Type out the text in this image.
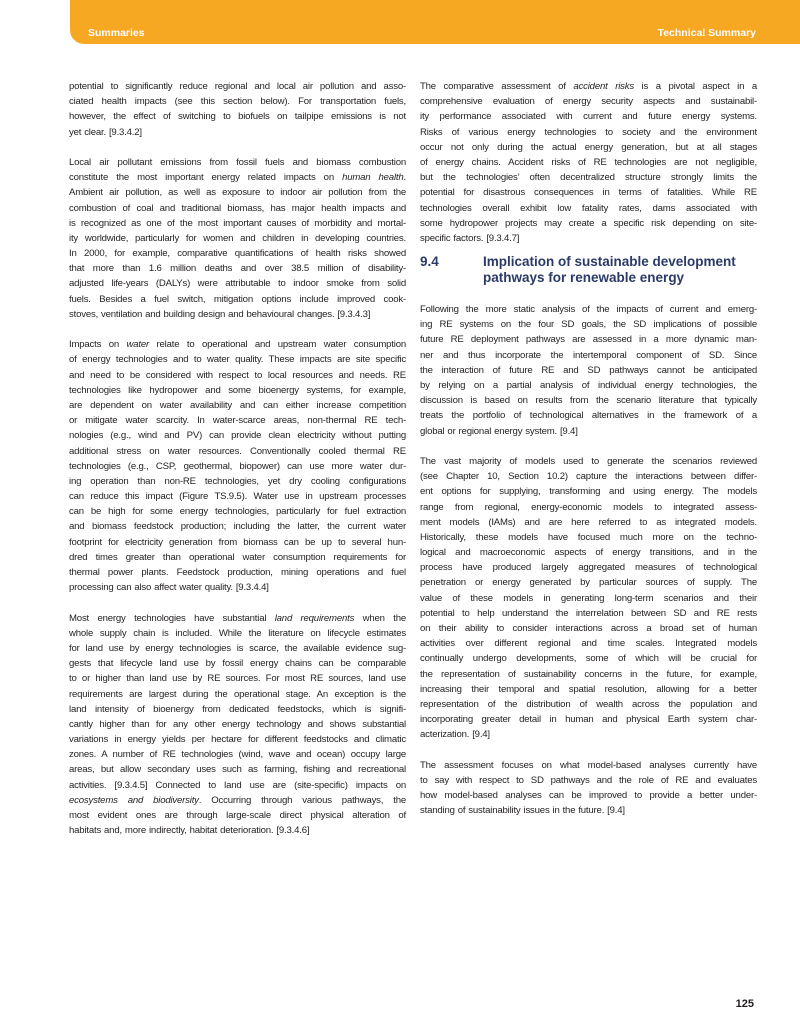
Summaries	Technical Summary
potential to significantly reduce regional and local air pollution and asso-
ciated health impacts (see this section below). For transportation fuels,
however, the effect of switching to biofuels on tailpipe emissions is not
yet clear. [9.3.4.2]
Local air pollutant emissions from fossil fuels and biomass combustion
constitute the most important energy related impacts on human health.
Ambient air pollution, as well as exposure to indoor air pollution from the
combustion of coal and traditional biomass, has major health impacts and
is recognized as one of the most important causes of morbidity and mortal-
ity worldwide, particularly for women and children in developing countries.
In 2000, for example, comparative quantifications of health risks showed
that more than 1.6 million deaths and over 38.5 million of disability-
adjusted life-years (DALYs) were attributable to indoor smoke from solid
fuels. Besides a fuel switch, mitigation options include improved cook-
stoves, ventilation and building design and behavioural changes. [9.3.4.3]
Impacts on water relate to operational and upstream water consumption
of energy technologies and to water quality. These impacts are site specific
and need to be considered with respect to local resources and needs. RE
technologies like hydropower and some bioenergy systems, for example,
are dependent on water availability and can either increase competition
or mitigate water scarcity. In water-scarce areas, non-thermal RE tech-
nologies (e.g., wind and PV) can provide clean electricity without putting
additional stress on water resources. Conventionally cooled thermal RE
technologies (e.g., CSP, geothermal, biopower) can use more water dur-
ing operation than non-RE technologies, yet dry cooling configurations
can reduce this impact (Figure TS.9.5). Water use in upstream processes
can be high for some energy technologies, particularly for fuel extraction
and biomass feedstock production; including the latter, the current water
footprint for electricity generation from biomass can be up to several hun-
dred times greater than operational water consumption requirements for
thermal power plants. Feedstock production, mining operations and fuel
processing can also affect water quality. [9.3.4.4]
Most energy technologies have substantial land requirements when the
whole supply chain is included. While the literature on lifecycle estimates
for land use by energy technologies is scarce, the available evidence sug-
gests that lifecycle land use by fossil energy chains can be comparable
to or higher than land use by RE sources. For most RE sources, land use
requirements are largest during the operational stage. An exception is the
land intensity of bioenergy from dedicated feedstocks, which is signifi-
cantly higher than for any other energy technology and shows substantial
variations in energy yields per hectare for different feedstocks and climatic
zones. A number of RE technologies (wind, wave and ocean) occupy large
areas, but allow secondary uses such as farming, fishing and recreational
activities. [9.3.4.5] Connected to land use are (site-specific) impacts on
ecosystems and biodiversity. Occurring through various pathways, the
most evident ones are through large-scale direct physical alteration of
habitats and, more indirectly, habitat deterioration. [9.3.4.6]
The comparative assessment of accident risks is a pivotal aspect in a
comprehensive evaluation of energy security aspects and sustainabil-
ity performance associated with current and future energy systems.
Risks of various energy technologies to society and the environment
occur not only during the actual energy generation, but at all stages
of energy chains. Accident risks of RE technologies are not negligible,
but the technologies’ often decentralized structure strongly limits the
potential for disastrous consequences in terms of fatalities. While RE
technologies overall exhibit low fatality rates, dams associated with
some hydropower projects may create a specific risk depending on site-
specific factors. [9.3.4.7]
9.4	Implication of sustainable development
pathways for renewable energy
Following the more static analysis of the impacts of current and emerg-
ing RE systems on the four SD goals, the SD implications of possible
future RE deployment pathways are assessed in a more dynamic man-
ner and thus incorporate the intertemporal component of SD. Since
the interaction of future RE and SD pathways cannot be anticipated
by relying on a partial analysis of individual energy technologies, the
discussion is based on results from the scenario literature that typically
treats the portfolio of technological alternatives in the framework of a
global or regional energy system. [9.4]
The vast majority of models used to generate the scenarios reviewed
(see Chapter 10, Section 10.2) capture the interactions between differ-
ent options for supplying, transforming and using energy. The models
range from regional, energy-economic models to integrated assess-
ment models (IAMs) and are here referred to as integrated models.
Historically, these models have focused much more on the techno-
logical and macroeconomic aspects of energy transitions, and in the
process have produced largely aggregated measures of technological
penetration or energy generated by particular sources of supply. The
value of these models in generating long-term scenarios and their
potential to help understand the interrelation between SD and RE rests
on their ability to consider interactions across a broad set of human
activities over different regional and time scales. Integrated models
continually undergo developments, some of which will be crucial for
the representation of sustainability concerns in the future, for example,
increasing their temporal and spatial resolution, allowing for a better
representation of the distribution of wealth across the population and
incorporating greater detail in human and physical Earth system char-
acterization. [9.4]
The assessment focuses on what model-based analyses currently have
to say with respect to SD pathways and the role of RE and evaluates
how model-based analyses can be improved to provide a better under-
standing of sustainability issues in the future. [9.4]
125
